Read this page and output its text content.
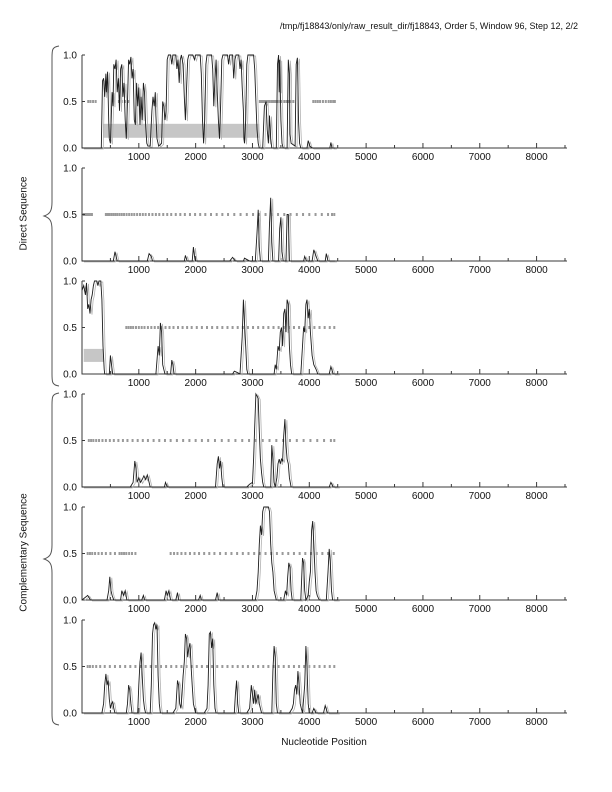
/tmp/fj18843/only/raw_result_dir/fj18843, Order 5, Window 96, Step 12, 2/2
1.0
0.5
0.0
1000	2000	3000	4000	5000	6000	7000	8000
1.0
0.5
0.0
1000	2000	3000	4000	5000	6000	7000	8000
1.0
0.5
0.0
1000	2000	3000	4000	5000	6000	7000	8000
1.0
0.5
0.0
1000	2000	3000	4000	5000	6000	7000	8000
1.0
0.5
0.0
1000	2000	3000	4000	5000	6000	7000	8000
1.0
0.5
0.0
1000	2000	3000	4000	5000	6000	7000	8000
Direct Sequence
Complementary Sequence
Nucleotide Position
